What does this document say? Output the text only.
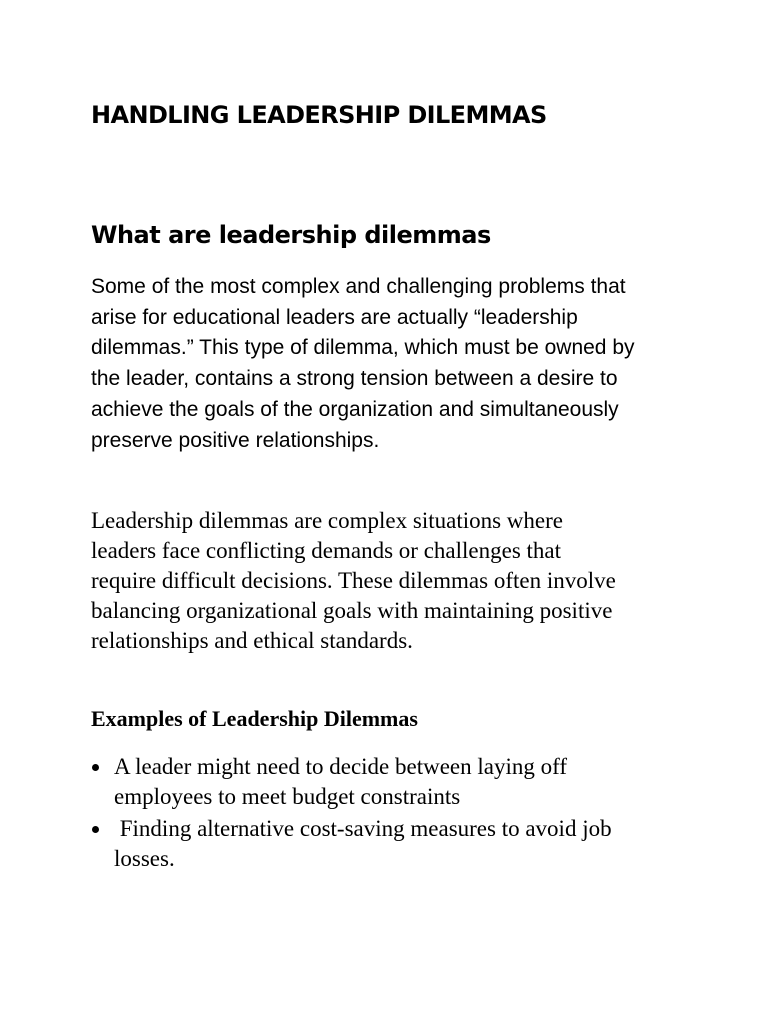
HANDLING LEADERSHIP DILEMMAS
What are leadership dilemmas

Some of the most complex and challenging problems that
arise for educational leaders are actually “leadership
dilemmas.” This type of dilemma, which must be owned by
the leader, contains a strong tension between a desire to
achieve the goals of the organization and simultaneously
preserve positive relationships.

Leadership dilemmas are complex situations where
leaders face conflicting demands or challenges that
require difficult decisions. These dilemmas often involve
balancing organizational goals with maintaining positive
relationships and ethical standards.

Examples of Leadership Dilemmas
A leader might need to decide between laying off
employees to meet budget constraints
Finding alternative cost-saving measures to avoid job
losses.
